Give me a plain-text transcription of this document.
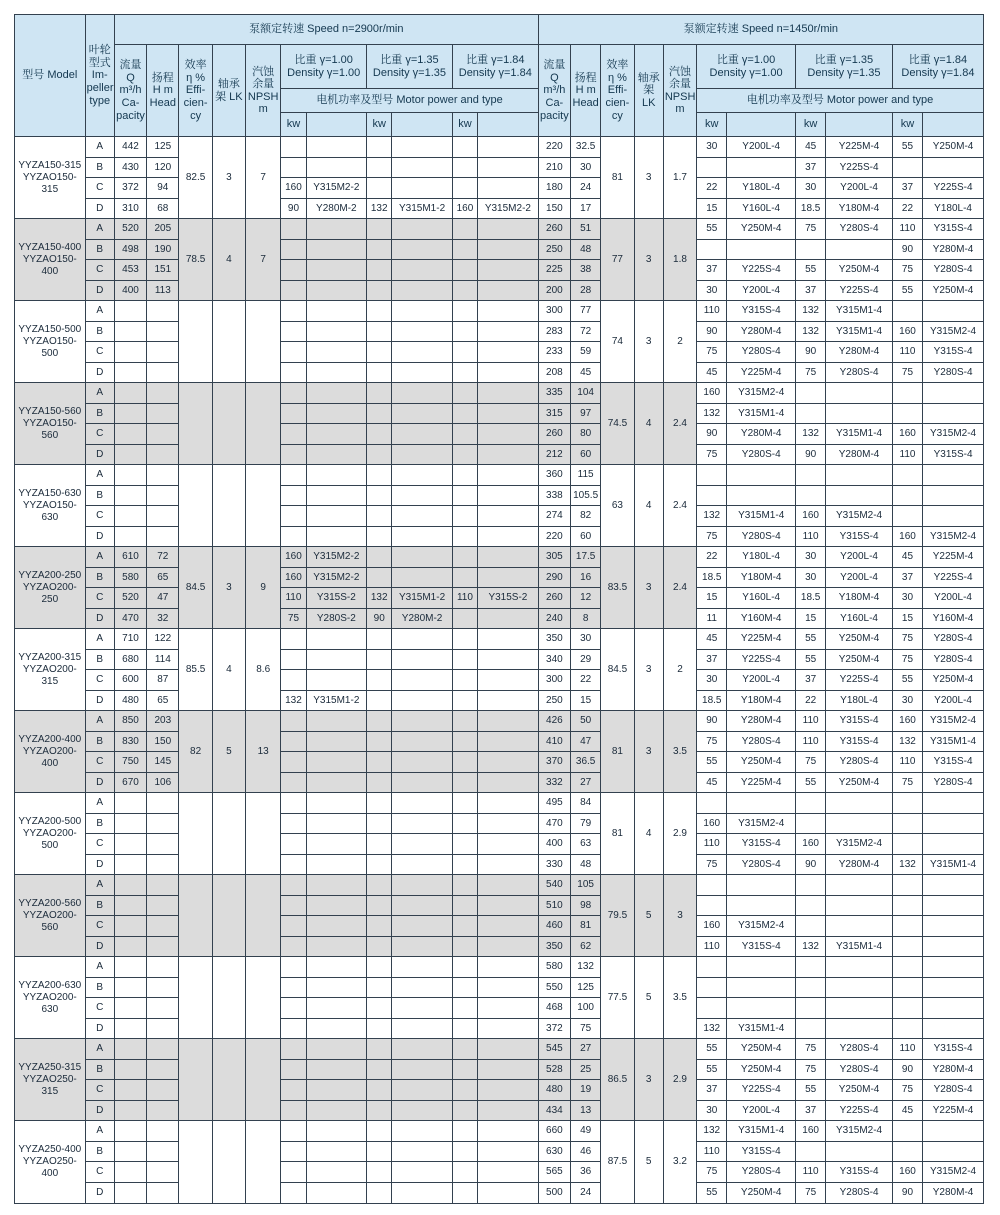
型号 Model	叶轮型式 Im- peller type	泵额定转速 Speed n=2900r/min											泵额定转速 Speed n=1450r/min										
		流量 Q m³/h Ca- pacity	扬程 H m Head	效率 η % Effi- cien- cy	轴承架 LK	汽蚀余量 NPSH m	比重 γ=1.00 Density γ=1.00		比重 γ=1.35 Density γ=1.35		比重 γ=1.84 Density γ=1.84		流量 Q m³/h Ca- pacity	扬程 H m Head	效率 η % Effi- cien- cy	轴承架 LK	汽蚀余量 NPSH m	比重 γ=1.00 Density γ=1.00		比重 γ=1.35 Density γ=1.35		比重 γ=1.84 Density γ=1.84	
							电机功率及型号 Motor power and type											电机功率及型号 Motor power and type					
							kw		kw		kw							kw		kw		kw	
YYZA150-315 YYZAO150-315	A	442	125	82.5	3	7							220	32.5	81	3	1.7	30	Y200L-4	45	Y225M-4	55	Y250M-4
	B	430	120										210	30						37	Y225S-4		
	C	372	94				160	Y315M2-2					180	24				22	Y180L-4	30	Y200L-4	37	Y225S-4
	D	310	68				90	Y280M-2	132	Y315M1-2	160	Y315M2-2	150	17				15	Y160L-4	18.5	Y180M-4	22	Y180L-4
YYZA150-400 YYZAO150-400	A	520	205	78.5	4	7							260	51	77	3	1.8	55	Y250M-4	75	Y280S-4	110	Y315S-4
	B	498	190										250	48								90	Y280M-4
	C	453	151										225	38				37	Y225S-4	55	Y250M-4	75	Y280S-4
	D	400	113										200	28				30	Y200L-4	37	Y225S-4	55	Y250M-4
YYZA150-500 YYZAO150-500	A												300	77	74	3	2	110	Y315S-4	132	Y315M1-4		
	B												283	72				90	Y280M-4	132	Y315M1-4	160	Y315M2-4
	C												233	59				75	Y280S-4	90	Y280M-4	110	Y315S-4
	D												208	45				45	Y225M-4	75	Y280S-4	75	Y280S-4
YYZA150-560 YYZAO150-560	A												335	104	74.5	4	2.4	160	Y315M2-4				
	B												315	97				132	Y315M1-4				
	C												260	80				90	Y280M-4	132	Y315M1-4	160	Y315M2-4
	D												212	60				75	Y280S-4	90	Y280M-4	110	Y315S-4
YYZA150-630 YYZAO150-630	A												360	115	63	4	2.4						
	B												338	105.5									
	C												274	82				132	Y315M1-4	160	Y315M2-4		
	D												220	60				75	Y280S-4	110	Y315S-4	160	Y315M2-4
YYZA200-250 YYZAO200-250	A	610	72	84.5	3	9	160	Y315M2-2					305	17.5	83.5	3	2.4	22	Y180L-4	30	Y200L-4	45	Y225M-4
	B	580	65				160	Y315M2-2					290	16				18.5	Y180M-4	30	Y200L-4	37	Y225S-4
	C	520	47				110	Y315S-2	132	Y315M1-2	110	Y315S-2	260	12				15	Y160L-4	18.5	Y180M-4	30	Y200L-4
	D	470	32				75	Y280S-2	90	Y280M-2			240	8				11	Y160M-4	15	Y160L-4	15	Y160M-4
YYZA200-315 YYZAO200-315	A	710	122	85.5	4	8.6							350	30	84.5	3	2	45	Y225M-4	55	Y250M-4	75	Y280S-4
	B	680	114										340	29				37	Y225S-4	55	Y250M-4	75	Y280S-4
	C	600	87										300	22				30	Y200L-4	37	Y225S-4	55	Y250M-4
	D	480	65				132	Y315M1-2					250	15				18.5	Y180M-4	22	Y180L-4	30	Y200L-4
YYZA200-400 YYZAO200-400	A	850	203	82	5	13							426	50	81	3	3.5	90	Y280M-4	110	Y315S-4	160	Y315M2-4
	B	830	150										410	47				75	Y280S-4	110	Y315S-4	132	Y315M1-4
	C	750	145										370	36.5				55	Y250M-4	75	Y280S-4	110	Y315S-4
	D	670	106										332	27				45	Y225M-4	55	Y250M-4	75	Y280S-4
YYZA200-500 YYZAO200-500	A												495	84	81	4	2.9						
	B												470	79				160	Y315M2-4				
	C												400	63				110	Y315S-4	160	Y315M2-4		
	D												330	48				75	Y280S-4	90	Y280M-4	132	Y315M1-4
YYZA200-560 YYZAO200-560	A												540	105	79.5	5	3						
	B												510	98									
	C												460	81				160	Y315M2-4				
	D												350	62				110	Y315S-4	132	Y315M1-4		
YYZA200-630 YYZAO200-630	A												580	132	77.5	5	3.5						
	B												550	125									
	C												468	100									
	D												372	75				132	Y315M1-4				
YYZA250-315 YYZAO250-315	A												545	27	86.5	3	2.9	55	Y250M-4	75	Y280S-4	110	Y315S-4
	B												528	25				55	Y250M-4	75	Y280S-4	90	Y280M-4
	C												480	19				37	Y225S-4	55	Y250M-4	75	Y280S-4
	D												434	13				30	Y200L-4	37	Y225S-4	45	Y225M-4
YYZA250-400 YYZAO250-400	A												660	49	87.5	5	3.2	132	Y315M1-4	160	Y315M2-4		
	B												630	46				110	Y315S-4				
	C												565	36				75	Y280S-4	110	Y315S-4	160	Y315M2-4
	D												500	24				55	Y250M-4	75	Y280S-4	90	Y280M-4
